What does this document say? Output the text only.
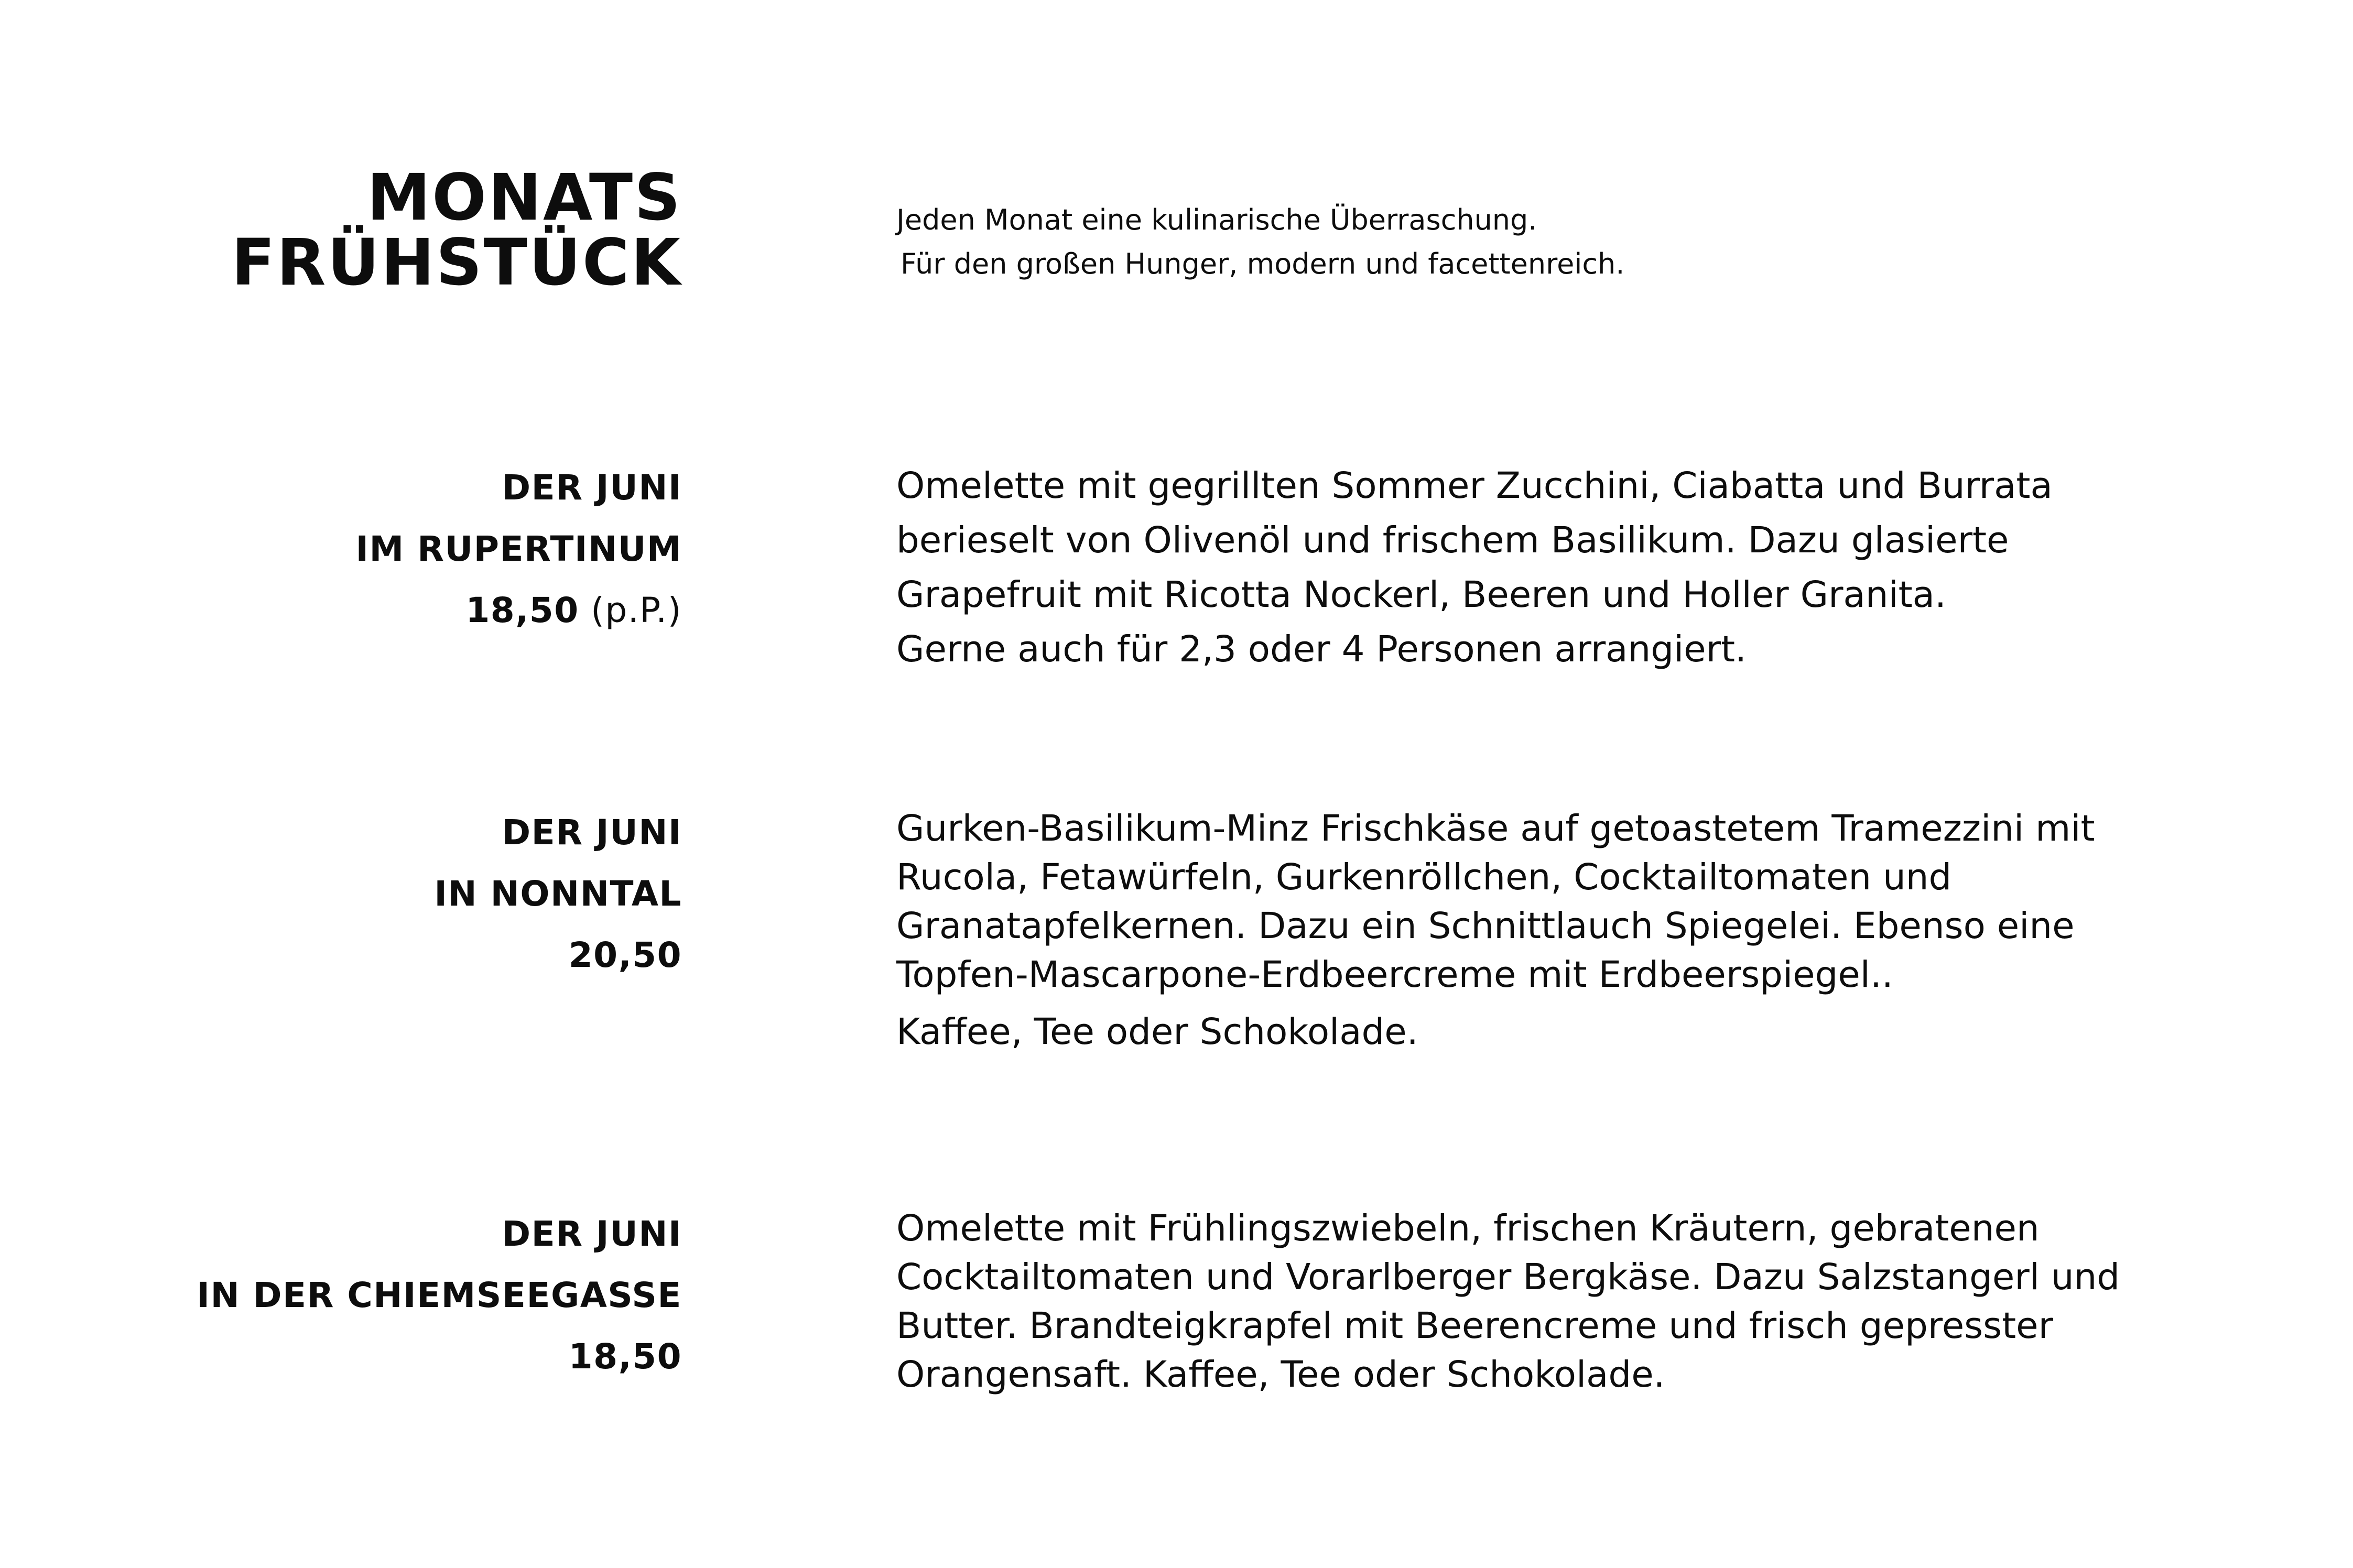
MONATS
FRÜHSTÜCK
Jeden Monat eine kulinarische Überraschung.
Für den großen Hunger, modern und facettenreich.
DER JUNI
IM RUPERTINUM
18,50 (p.P.)
Omelette mit gegrillten Sommer Zucchini, Ciabatta und Burrata
berieselt von Olivenöl und frischem Basilikum. Dazu glasierte
Grapefruit mit Ricotta Nockerl, Beeren und Holler Granita.
Gerne auch für 2,3 oder 4 Personen arrangiert.
DER JUNI
IN NONNTAL
20,50
Gurken-Basilikum-Minz Frischkäse auf getoastetem Tramezzini mit
Rucola, Fetawürfeln, Gurkenröllchen, Cocktailtomaten und
Granatapfelkernen. Dazu ein Schnittlauch Spiegelei. Ebenso eine
Topfen-Mascarpone-Erdbeercreme mit Erdbeerspiegel..
Kaffee, Tee oder Schokolade.
DER JUNI
IN DER CHIEMSEEGASSE
18,50
Omelette mit Frühlingszwiebeln, frischen Kräutern, gebratenen
Cocktailtomaten und Vorarlberger Bergkäse. Dazu Salzstangerl und
Butter. Brandteigkrapfel mit Beerencreme und frisch gepresster
Orangensaft. Kaffee, Tee oder Schokolade.
